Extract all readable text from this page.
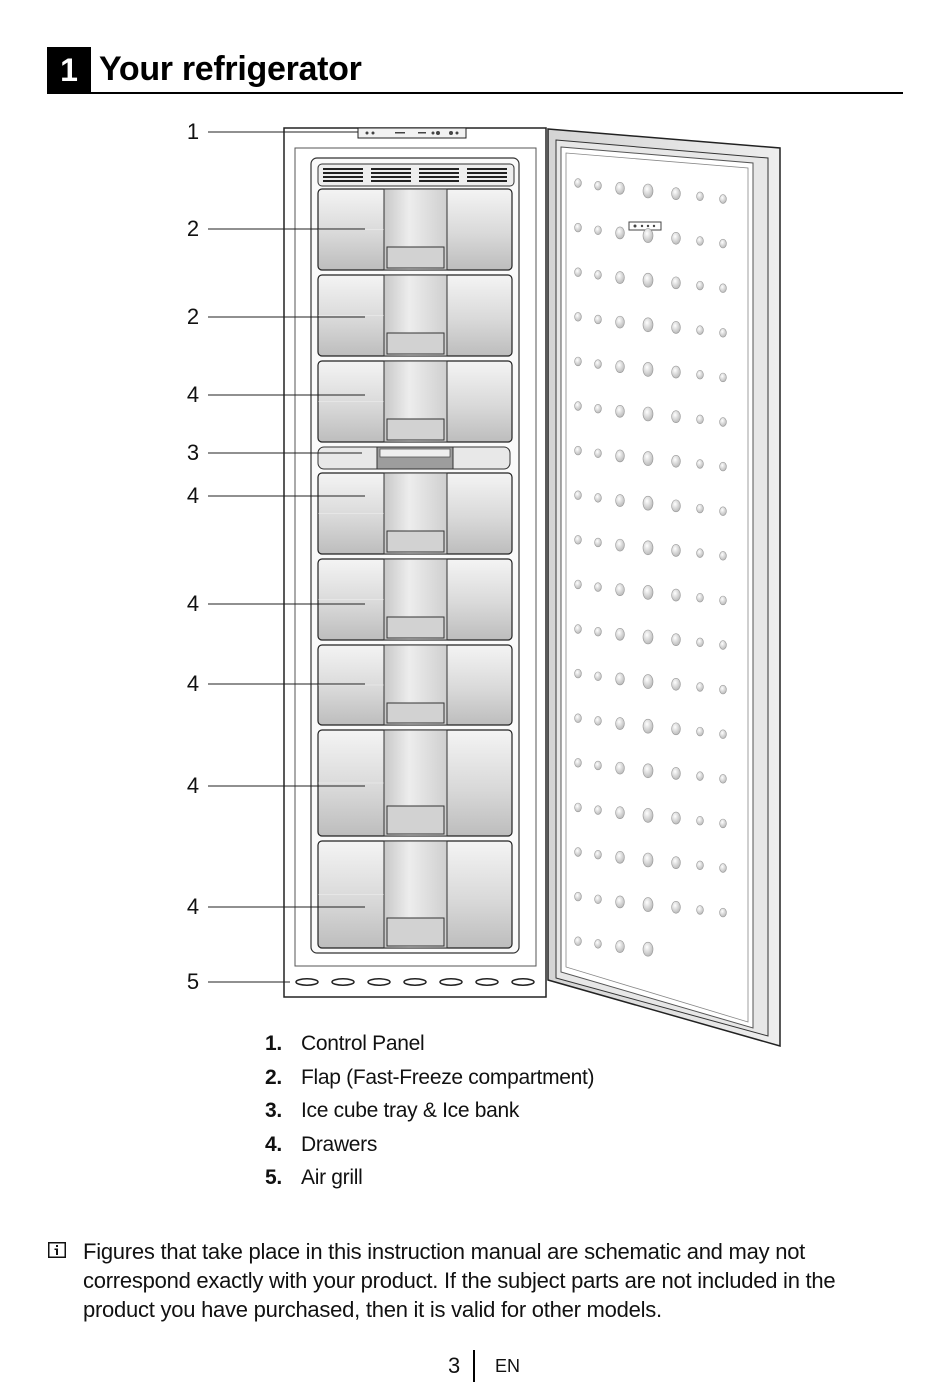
1 Your refrigerator
1
2
2
4
3
4
4
4
4
4
5
1. Control Panel
2. Flap (Fast-Freeze compartment)
3. Ice cube tray & Ice bank
4. Drawers
5. Air grill
Figures that take place in this instruction manual are schematic and may not correspond exactly with your product. If the subject parts are not included in the product you have purchased, then it is valid for other models.
3 EN
